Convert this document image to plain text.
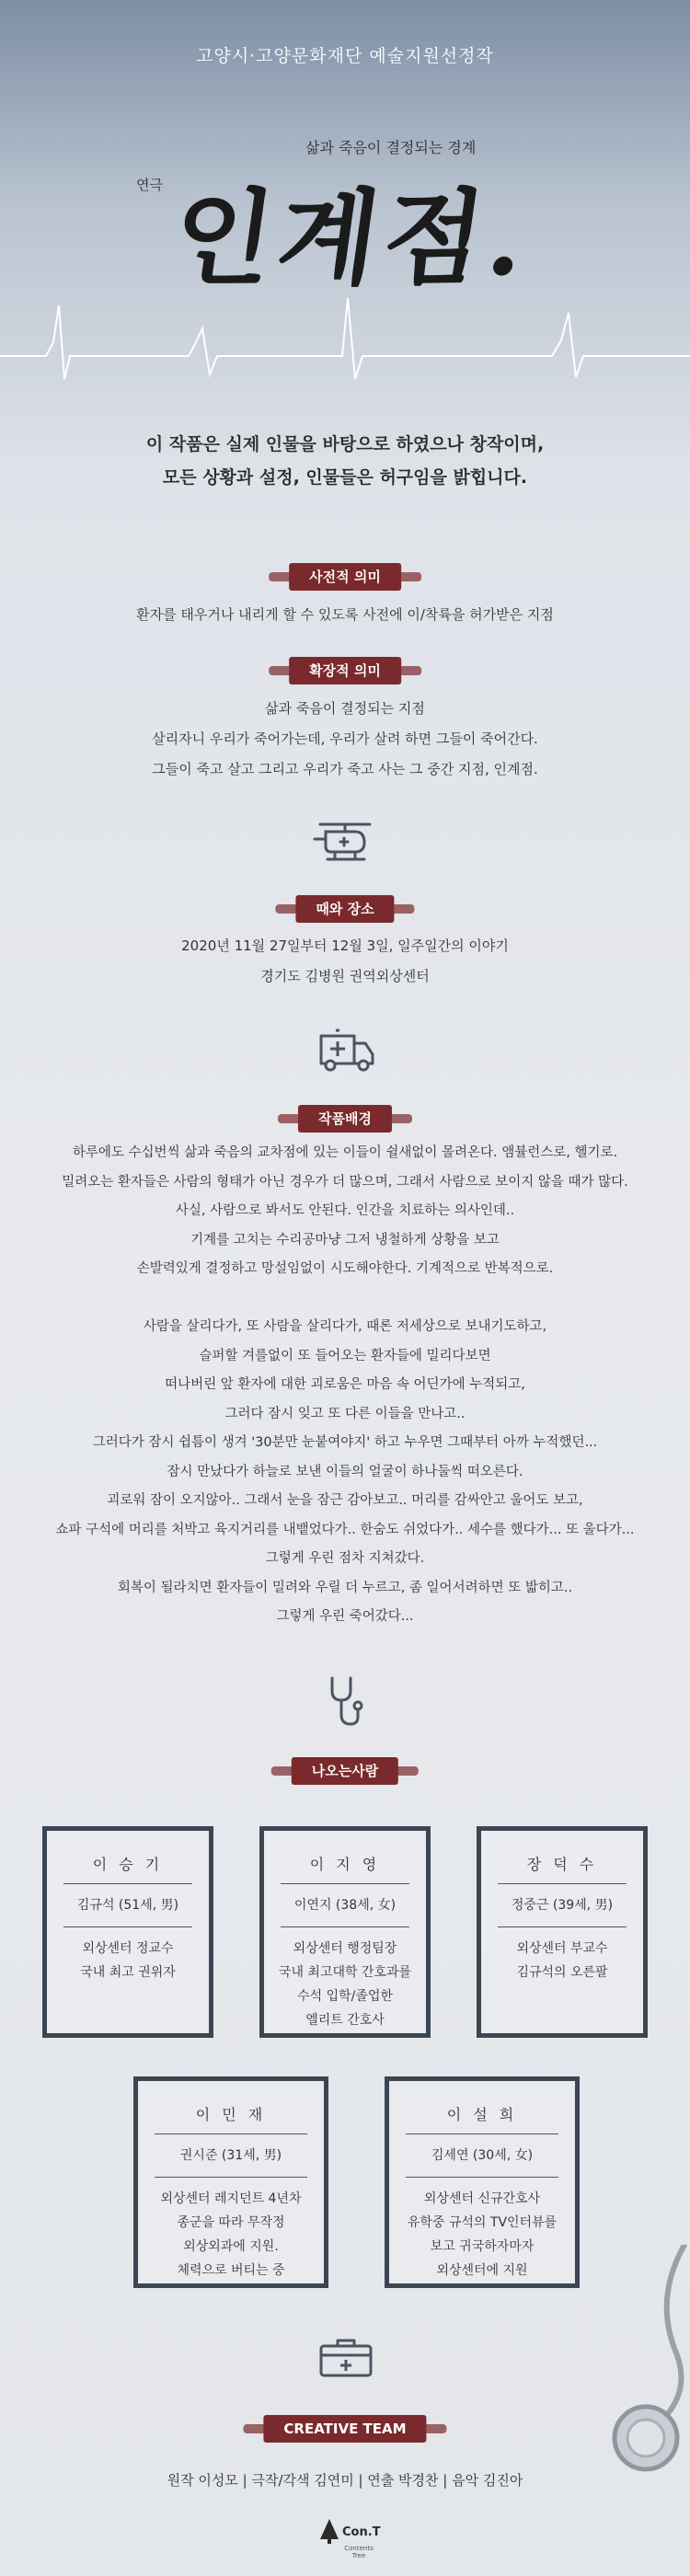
고양시·고양문화재단 예술지원선정작
삶과 죽음이 결정되는 경계
연극 인계점.
이 작품은 실제 인물을 바탕으로 하였으나 창작이며,
모든 상황과 설정, 인물들은 허구임을 밝힙니다.
사전적 의미
환자를 태우거나 내리게 할 수 있도록 사전에 이/착륙을 허가받은 지점
확장적 의미
삶과 죽음이 결정되는 지점
살리자니 우리가 죽어가는데, 우리가 살려 하면 그들이 죽어간다.
그들이 죽고 살고 그리고 우리가 죽고 사는 그 중간 지점, 인계점.
때와 장소
2020년 11월 27일부터 12월 3일, 일주일간의 이야기
경기도 김병원 권역외상센터
작품배경
하루에도 수십번씩 삶과 죽음의 교차점에 있는 이들이 쉴새없이 몰려온다. 앰뷸런스로, 헬기로.
밀려오는 환자들은 사람의 형태가 아닌 경우가 더 많으며, 그래서 사람으로 보이지 않을 때가 많다.
사실, 사람으로 봐서도 안된다. 인간을 치료하는 의사인데..
기계를 고치는 수리공마냥 그저 냉철하게 상황을 보고
손발력있게 결정하고 망설임없이 시도해야한다. 기계적으로 반복적으로.
사람을 살리다가, 또 사람을 살리다가, 때론 저세상으로 보내기도하고,
슬퍼할 겨를없이 또 들어오는 환자들에 밀리다보면
떠나버린 앞 환자에 대한 괴로움은 마음 속 어딘가에 누적되고,
그러다 잠시 잊고 또 다른 이들을 만나고..
그러다가 잠시 쉽틈이 생겨 '30분만 눈붙여야지' 하고 누우면 그때부터 아까 누적했던...
잠시 만났다가 하늘로 보낸 이들의 얼굴이 하나둘씩 떠오른다.
괴로워 잠이 오지않아.. 그래서 눈을 잠근 감아보고.. 머리를 감싸안고 울어도 보고,
쇼파 구석에 머리를 처박고 육지거리를 내뱉었다가.. 한숨도 쉬었다가.. 세수를 했다가... 또 울다가...
그렇게 우린 점차 지쳐갔다.
회복이 될라치면 환자들이 밀려와 우릴 더 누르고, 좀 일어서려하면 또 밟히고..
그렇게 우린 죽어갔다...
나오는사람
이 승 기
김규석 (51세, 男)
외상센터 정교수
국내 최고 권위자
이 지 영
이연지 (38세, 女)
외상센터 행정팀장
국내 최고대학 간호과를
수석 입학/졸업한
엘리트 간호사
장 덕 수
정중근 (39세, 男)
외상센터 부교수
김규석의 오른팔
이 민 재
권시준 (31세, 男)
외상센터 레지던트 4년차
종군을 따라 무작정
외상외과에 지원.
체력으로 버티는 중
이 설 희
김세연 (30세, 女)
외상센터 신규간호사
유학중 규석의 TV인터뷰를
보고 귀국하자마자
외상센터에 지원
CREATIVE TEAM
원작 이성모 | 극작/각색 김연미 | 연출 박경찬 | 음악 김진아
Con.T
Contents Tree
